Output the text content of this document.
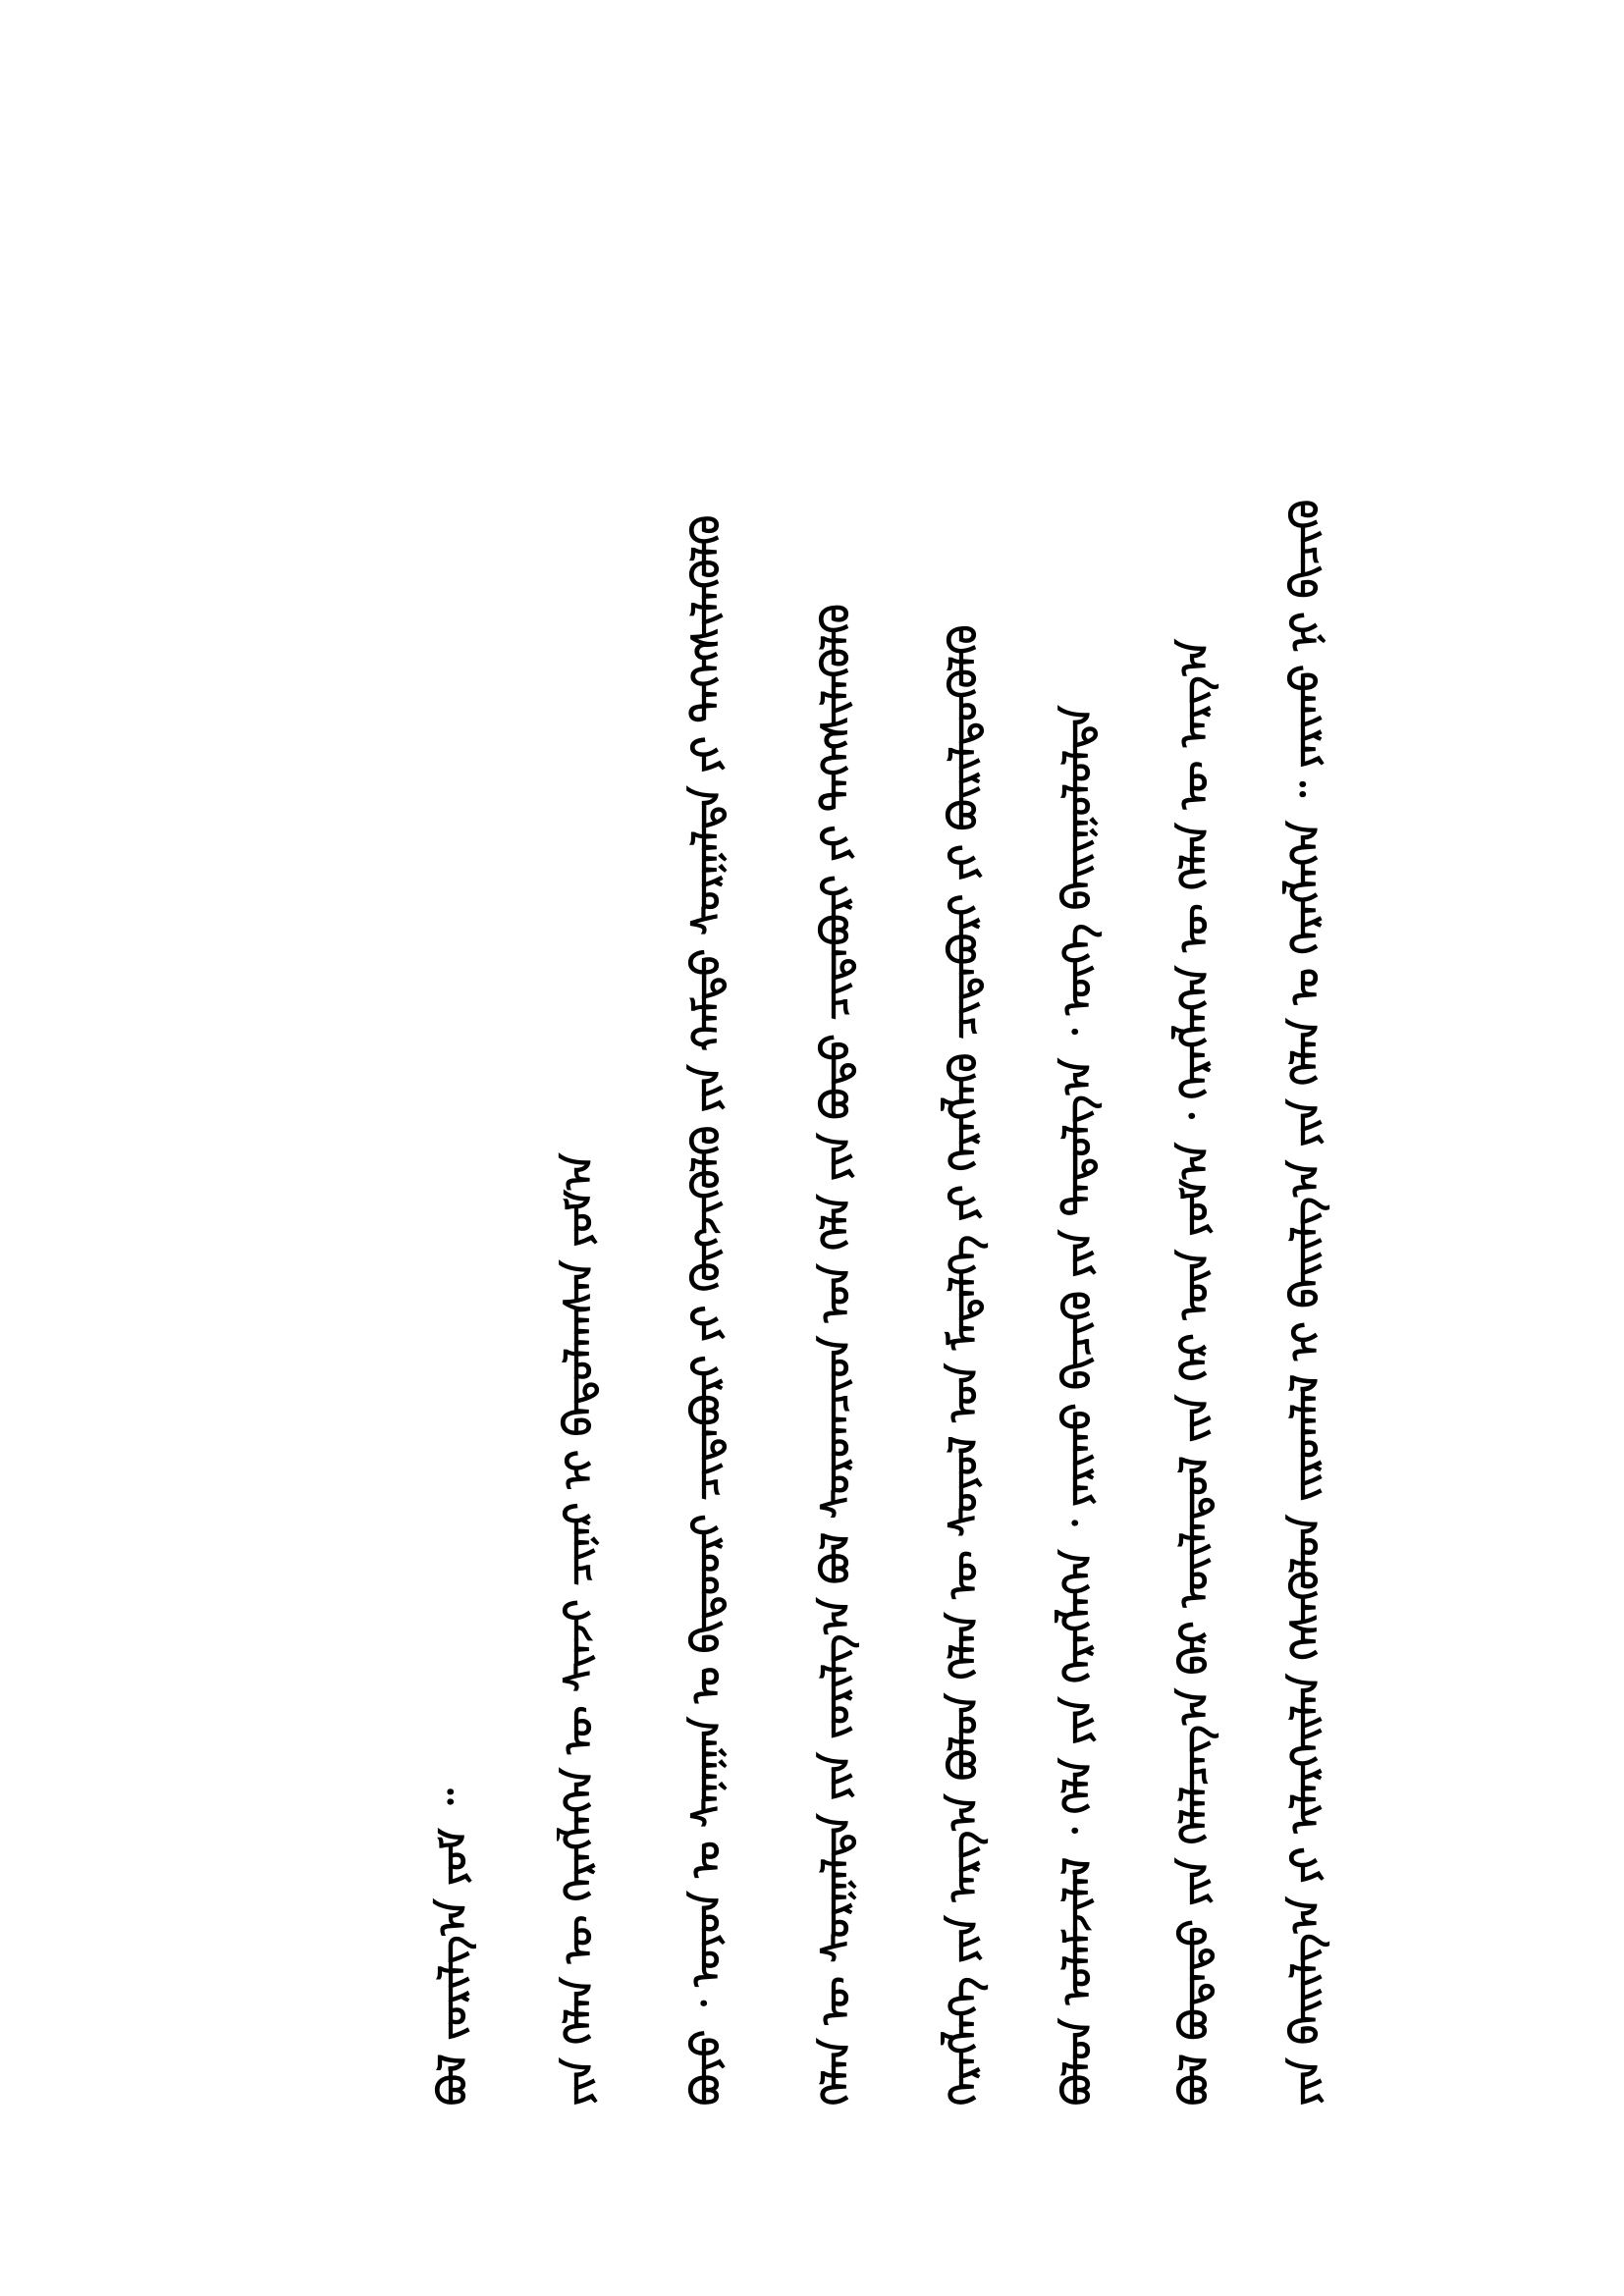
ᠶᠢᠨ ᠪᠠᠢᠢᠯᠭ᠎ᠠ ᠶᠢ ᠢᠯᠡᠷᠬᠡᠢᠯᠡᠨ ᠬᠡᠰᠡᠭᠦᠯᠦᠨ ᠵᠢᠷᠤᠭᠯᠠᠯ ᠢ ᠪᠠᠢᠢᠯᠭ᠎ᠠ ᠶᠢᠨ ᠬᠡᠯᠡᠨ ᠤ ᠬᠡᠷᠡᠭᠯᠡᠭᠡᠨ ᠃ ᠶᠠᠷᠢᠬᠤ ᠨᠢ ᠪᠢᠴᠢᠬᠦ
ᠪᠣᠯ ᠪᠣᠳᠠᠲᠤ ᠶᠢᠨ ᠬᠡᠯᠡᠯᠴᠡᠭ᠎ᠠ ᠪᠡᠷ ᠦᠢᠯᠡᠳᠦᠯ ᠵᠢᠨ ᠭᠡᠷ ᠦᠨ ᠶᠤᠮ᠎ᠠ ᠂ ᠬᠡᠷᠡᠭᠯᠡᠭᠡᠨ ᠦ ᠬᠡᠯᠡᠨ ᠦ ᠠᠷᠭ᠎ᠠ
ᠪᠣᠯᠤᠨ ᠤᠯᠠᠮᠵᠢᠯᠠᠯ ᠂ ᠬᠡᠯᠡ ᠶᠢᠨ ᠬᠡᠷᠡᠭᠯᠡᠭᠡᠨ ᠂ ᠶᠠᠷᠢᠬᠤ ᠪᠢᠴᠢᠬᠦ ᠶᠢᠨ ᠳᠠᠳᠤᠯᠭ᠎ᠠ ᠂ ᠦᠭᠡ ᠪᠠᠢᠢᠭᠤᠯᠤᠯᠲᠠ
ᠬᠡᠷᠡᠭᠯᠡᠭᠡ ᠶᠢᠨ ᠠᠷᠭ᠎ᠠ ᠪᠣᠯᠤᠨ ᠬᠡᠯᠡᠨ ᠦ ᠰᠣᠶᠤᠯ ᠤᠨ ᠮᠡᠳᠡᠯᠭᠡ ᠶᠢ ᠬᠡᠷᠡᠭᠯᠡᠬᠦ ᠴᠢᠳᠠᠪᠤᠷᠢ ᠶᠢ ᠪᠦᠷᠢᠯᠳᠦᠭᠦᠯᠬᠦ
ᠬᠡᠯᠡᠨ ᠦ ᠰᠤᠷᠭᠠᠯᠲᠠ ᠶᠢᠨ ᠵᠣᠷᠢᠯᠭ᠎ᠠ ᠪᠣᠯ ᠰᠤᠷᠤᠭᠴᠢᠳ ᠤᠨ ᠬᠡᠯᠡ ᠶᠢᠨ ᠪᠣᠳᠤ ᠴᠢᠳᠠᠪᠤᠷᠢ ᠶᠢ ᠳᠡᠭᠡᠭᠰᠢᠯᠡᠭᠦᠯᠬᠦ
ᠪᠤᠶᠤ ᠂ ᠣᠶᠤᠨ ᠤ ᠰᠠᠨᠠᠭᠠᠨ ᠤ ᠪᠢᠳᠦᠦᠷᠢ ᠴᠢᠳᠠᠪᠤᠷᠢ ᠶᠢ ᠬᠥᠭᠵᠢᠭᠦᠯᠬᠦ ᠶᠢᠨ ᠬᠠᠮᠲᠤ ᠰᠤᠷᠭᠠᠯᠲᠠ ᠶᠢ ᠳᠡᠭᠡᠭᠰᠢᠯᠡᠭᠦᠯᠬᠦ
ᠶᠢᠨ ᠬᠡᠯᠡᠨ ᠦ ᠬᠡᠷᠡᠭᠯᠡᠭᠡᠨ ᠦ ᠰᠢᠨᠵᠢ ᠴᠢᠨᠠᠷ ᠢ ᠪᠠᠳᠤᠯᠠᠭᠰᠠᠨ ᠶᠤᠮ᠎ᠠ
ᠪᠣᠯ ᠵᠣᠷᠢᠯᠭ᠎ᠠ ᠶᠤᠮ ᠃
